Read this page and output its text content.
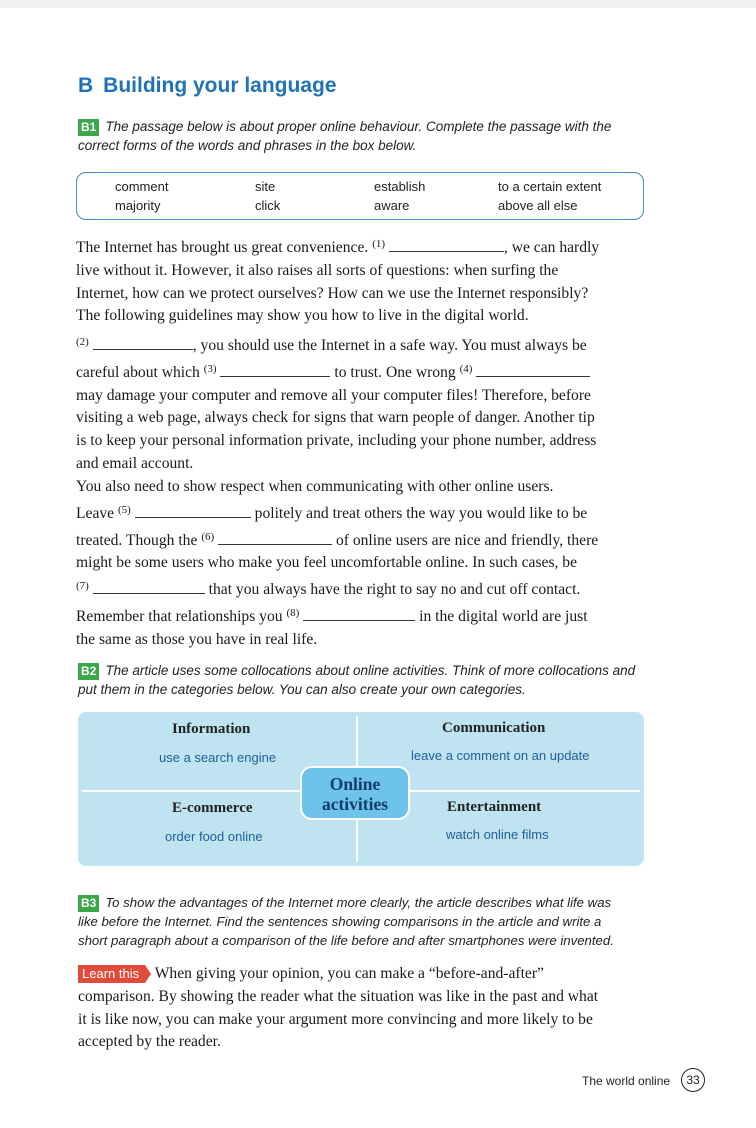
B Building your language
B1 The passage below is about proper online behaviour. Complete the passage with the
correct forms of the words and phrases in the box below.
comment	site	establish	to a certain extent
majority	click	aware	above all else
The Internet has brought us great convenience. $^{(1)}$	, we can hardly
live without it. However, it also raises all sorts of questions: when surfing the
Internet, how can we protect ourselves? How can we use the Internet responsibly?
The following guidelines may show you how to live in the digital world.
$^{(2)}$	, you should use the Internet in a safe way. You must always be
careful about which $^{(3)}$	to trust. One wrong $^{(4)}$
may damage your computer and remove all your computer files! Therefore, before
visiting a web page, always check for signs that warn people of danger. Another tip
is to keep your personal information private, including your phone number, address
and email account.
You also need to show respect when communicating with other online users.
Leave $^{(5)}$	politely and treat others the way you would like to be
treated. Though the $^{(6)}$	of online users are nice and friendly, there
might be some users who make you feel uncomfortable online. In such cases, be
$^{(7)}$	that you always have the right to say no and cut off contact.
Remember that relationships you $^{(8)}$	in the digital world are just
the same as those you have in real life.
B2 The article uses some collocations about online activities. Think of more collocations and
put them in the categories below. You can also create your own categories.
Information
use a search engine
Communication
leave a comment on an update
E-commerce
order food online
Entertainment
watch online films
Online
activities
B3 To show the advantages of the Internet more clearly, the article describes what life was
like before the Internet. Find the sentences showing comparisons in the article and write a
short paragraph about a comparison of the life before and after smartphones were invented.
Learn this When giving your opinion, you can make a “before-and-after”
comparison. By showing the reader what the situation was like in the past and what
it is like now, you can make your argument more convincing and more likely to be
accepted by the reader.
The world online	33
